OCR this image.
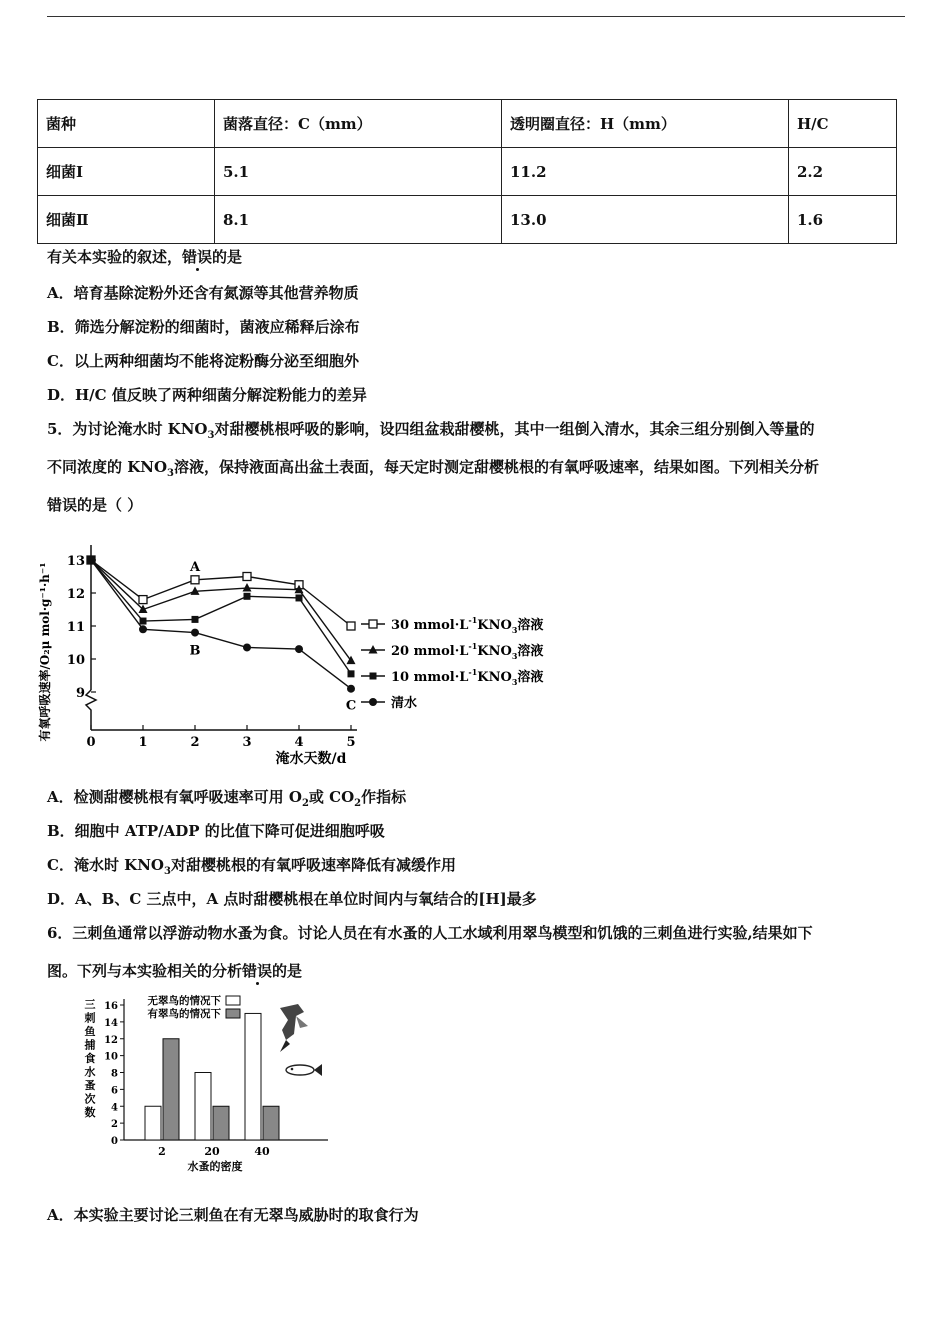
菌种	菌落直径：C（mm）	透明圈直径：H（mm）	H/C
细菌Ⅰ	5.1	11.2	2.2
细菌Ⅱ	8.1	13.0	1.6
有关本实验的叙述，错误的是
A．培育基除淀粉外还含有氮源等其他营养物质
B．筛选分解淀粉的细菌时，菌液应稀释后涂布
C．以上两种细菌均不能将淀粉酶分泌至细胞外
D．H/C 值反映了两种细菌分解淀粉能力的差异
5．为讨论淹水时 $KNO_3$对甜樱桃根呼吸的影响，设四组盆栽甜樱桃，其中一组倒入清水，其余三组分别倒入等量的
不同浓度的 $KNO_3$溶液，保持液面高出盆土表面，每天定时测定甜樱桃根的有氧呼吸速率，结果如图。下列相关分析
错误的是（ ）
0	1	2	3	4	5
9
10
11
12
13
30 $mmol\cdot L^{-1}KNO_3$溶液
20 $mmol\cdot L^{-1}KNO_3$溶液
10 $mmol\cdot L^{-1}KNO_3$溶液
清水
A
B
C
淹水天数/d
有氧呼吸速率/O₂μ mol·g⁻¹·h⁻¹
A．检测甜樱桃根有氧呼吸速率可用 $O_2$或 $CO_2$作指标
B．细胞中 ATP/ADP 的比值下降可促进细胞呼吸
C．淹水时 $KNO_3$对甜樱桃根的有氧呼吸速率降低有减缓作用
D．A、B、C 三点中，A 点时甜樱桃根在单位时间内与氧结合的[H]最多
6．三刺鱼通常以浮游动物水蚤为食。讨论人员在有水蚤的人工水域利用翠鸟模型和饥饿的三刺鱼进行实验,结果如下
图。下列与本实验相关的分析错误的是
三刺鱼捕食水蚤次数
0
2
4
6
8
10
12
14
16
2	20	40
无翠鸟的情况下
有翠鸟的情况下
水蚤的密度
A．本实验主要讨论三刺鱼在有无翠鸟威胁时的取食行为
